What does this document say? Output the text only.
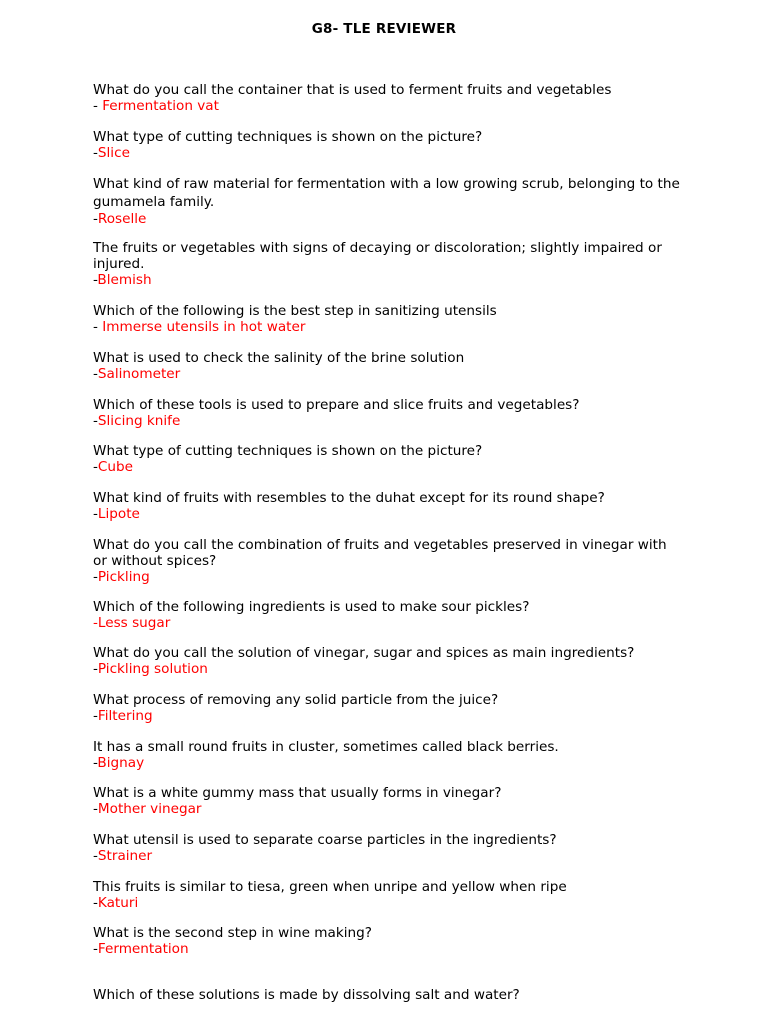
G8- TLE REVIEWER

What do you call the container that is used to ferment fruits and vegetables

- Fermentation vat

What type of cutting techniques is shown on the picture?

-Slice

What kind of raw material for fermentation with a low growing scrub, belonging to the gumamela family.

-Roselle

The fruits or vegetables with signs of decaying or discoloration; slightly impaired or injured.

-Blemish

Which of the following is the best step in sanitizing utensils

- Immerse utensils in hot water

What is used to check the salinity of the brine solution

-Salinometer

Which of these tools is used to prepare and slice fruits and vegetables?

-Slicing knife

What type of cutting techniques is shown on the picture?

-Cube

What kind of fruits with resembles to the duhat except for its round shape?

-Lipote

What do you call the combination of fruits and vegetables preserved in vinegar with or without spices?

-Pickling

Which of the following ingredients is used to make sour pickles?

-Less sugar

What do you call the solution of vinegar, sugar and spices as main ingredients?

-Pickling solution

What process of removing any solid particle from the juice?

-Filtering

It has a small round fruits in cluster, sometimes called black berries.

-Bignay

What is a white gummy mass that usually forms in vinegar?

-Mother vinegar

What utensil is used to separate coarse particles in the ingredients?

-Strainer

This fruits is similar to tiesa, green when unripe and yellow when ripe

-Katuri

What is the second step in wine making?

-Fermentation

Which of these solutions is made by dissolving salt and water?
